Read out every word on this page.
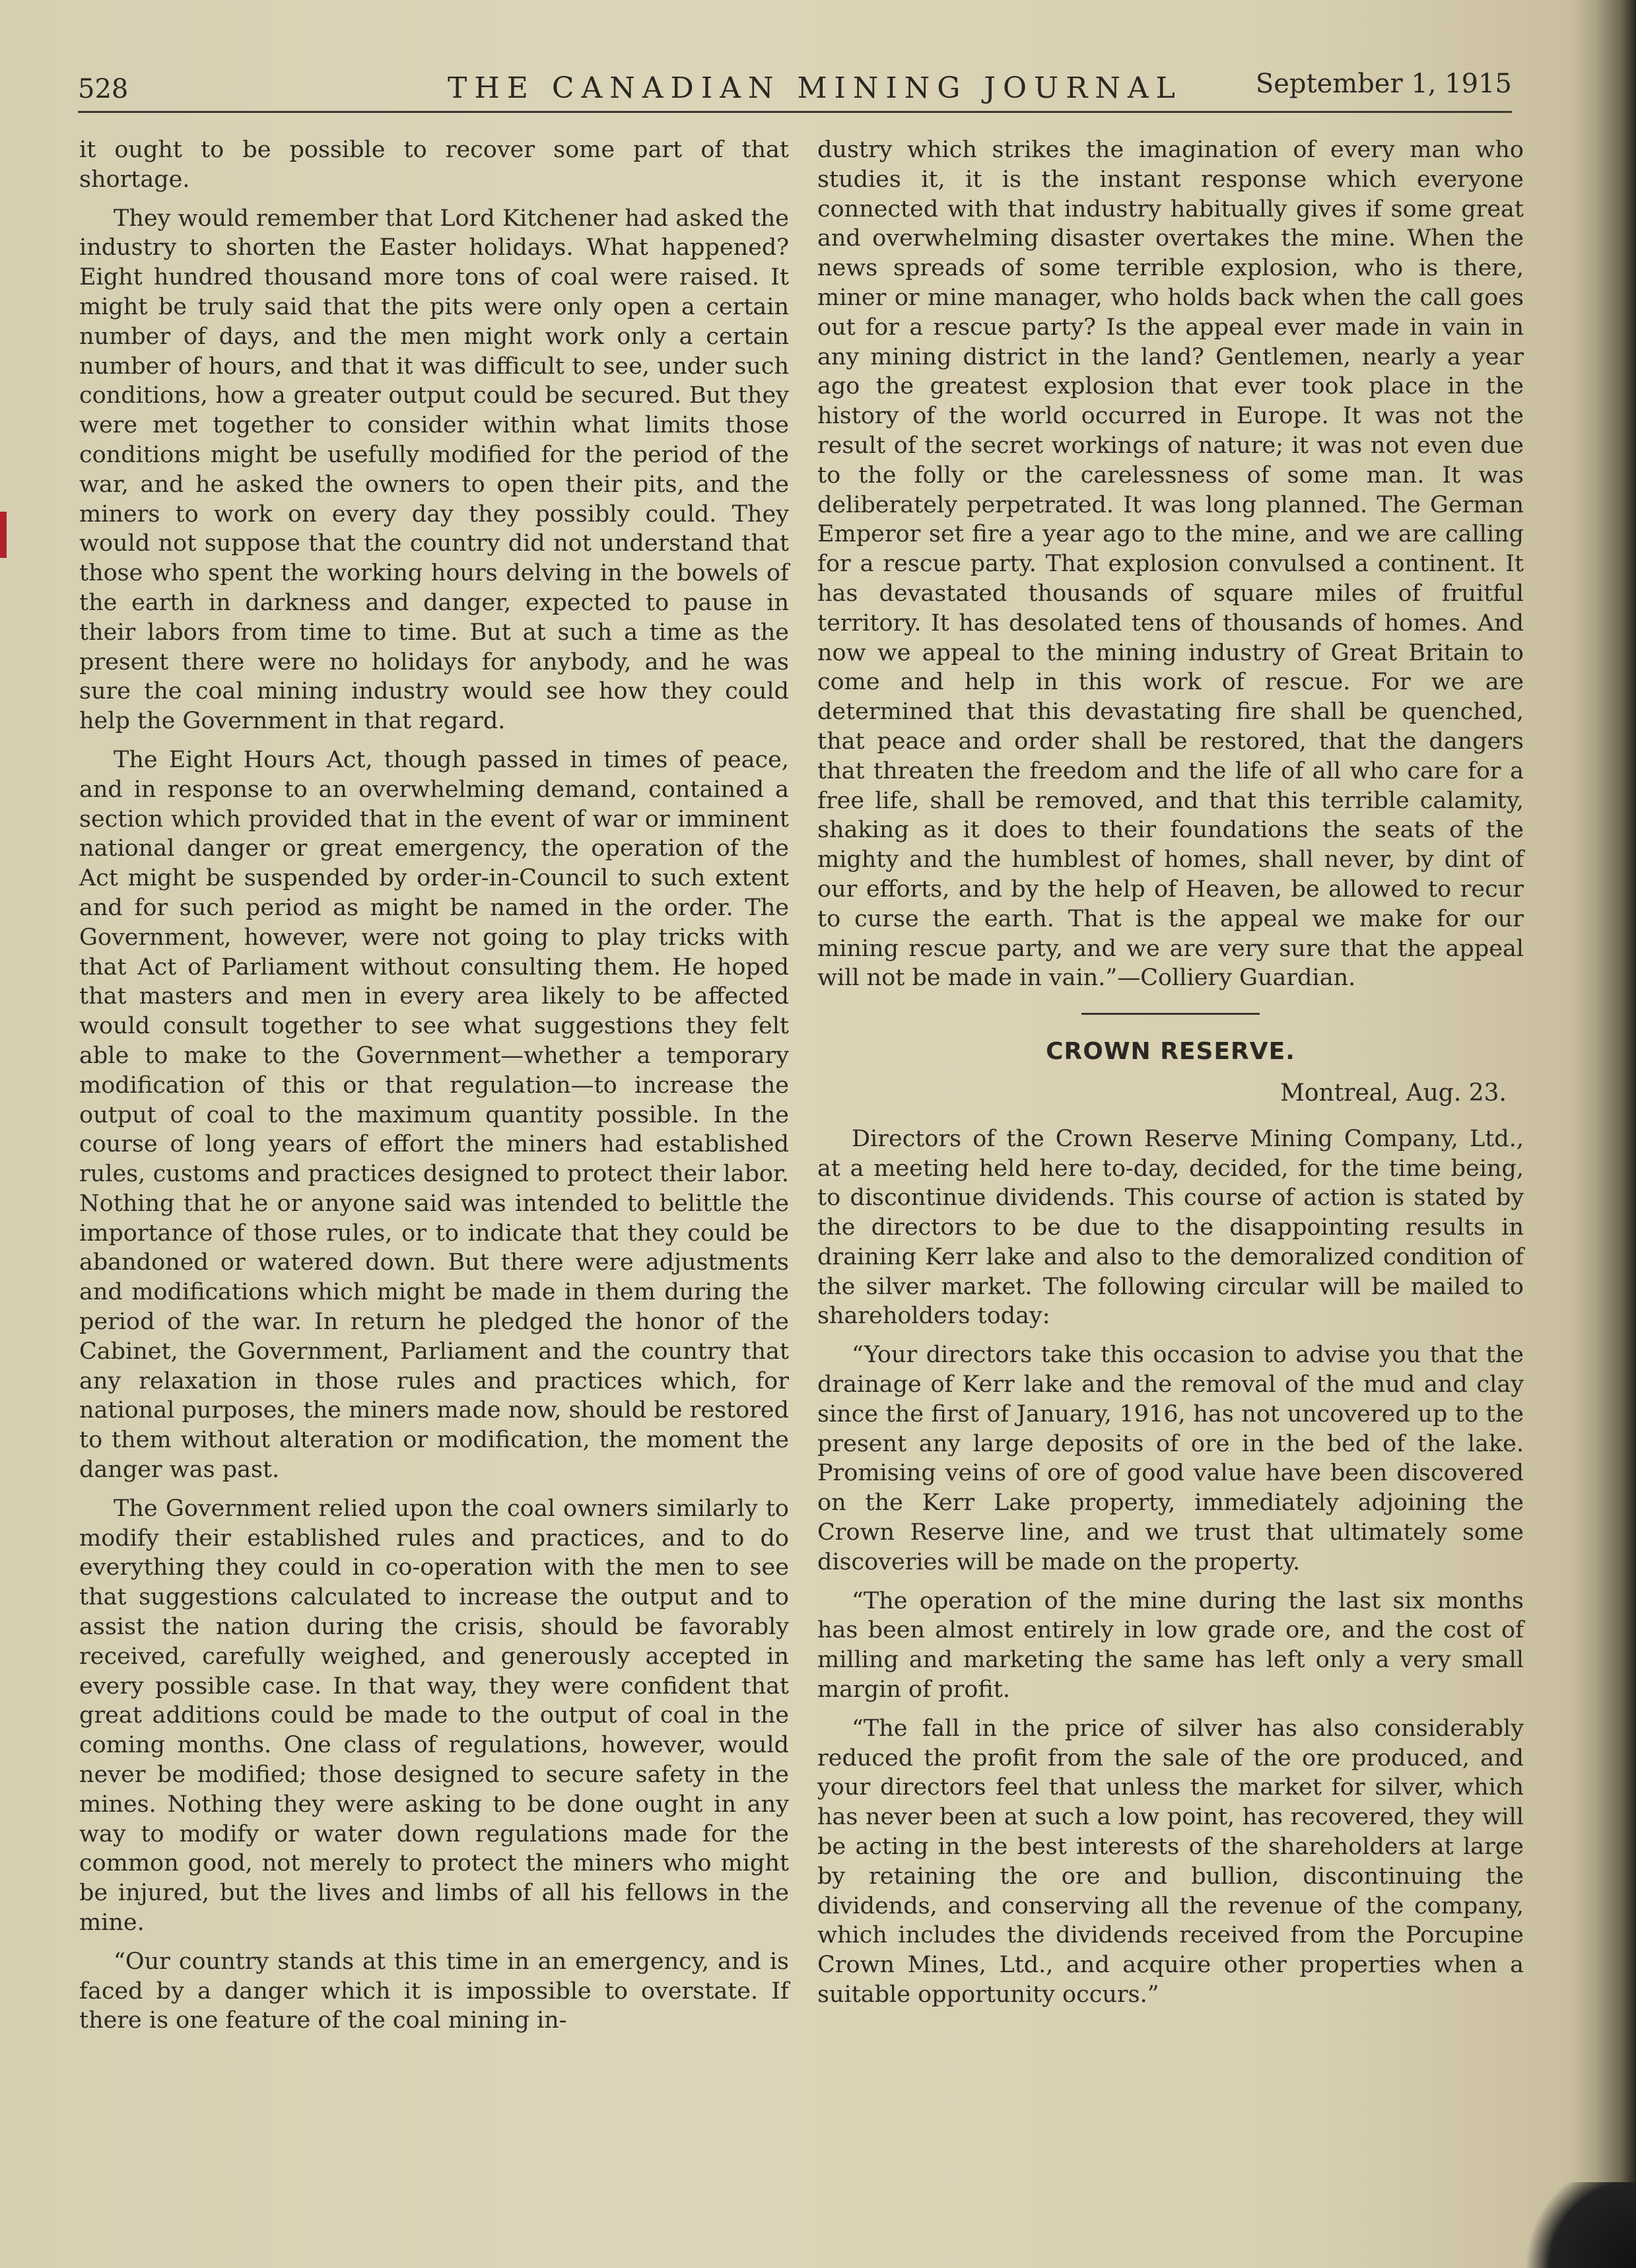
528	THE CANADIAN MINING JOURNAL	September 1, 1915

it ought to be possible to recover some part of that shortage.

They would remember that Lord Kitchener had asked the industry to shorten the Easter holidays. What happened? Eight hundred thousand more tons of coal were raised. It might be truly said that the pits were only open a certain number of days, and the men might work only a certain number of hours, and that it was difficult to see, under such conditions, how a greater output could be secured. But they were met together to consider within what limits those conditions might be usefully modified for the period of the war, and he asked the owners to open their pits, and the miners to work on every day they possibly could. They would not suppose that the country did not understand that those who spent the working hours delving in the bowels of the earth in darkness and danger, expected to pause in their labors from time to time. But at such a time as the present there were no holidays for anybody, and he was sure the coal mining industry would see how they could help the Government in that regard.

The Eight Hours Act, though passed in times of peace, and in response to an overwhelming demand, contained a section which provided that in the event of war or imminent national danger or great emergency, the operation of the Act might be suspended by order-in-Council to such extent and for such period as might be named in the order. The Government, however, were not going to play tricks with that Act of Parliament without consulting them. He hoped that masters and men in every area likely to be affected would consult together to see what suggestions they felt able to make to the Government—whether a temporary modification of this or that regulation—to increase the output of coal to the maximum quantity possible. In the course of long years of effort the miners had established rules, customs and practices designed to protect their labor. Nothing that he or anyone said was intended to belittle the importance of those rules, or to indicate that they could be abandoned or watered down. But there were adjustments and modifications which might be made in them during the period of the war. In return he pledged the honor of the Cabinet, the Government, Parliament and the country that any relaxation in those rules and practices which, for national purposes, the miners made now, should be restored to them without alteration or modification, the moment the danger was past.

The Government relied upon the coal owners similarly to modify their established rules and practices, and to do everything they could in co-operation with the men to see that suggestions calculated to increase the output and to assist the nation during the crisis, should be favorably received, carefully weighed, and generously accepted in every possible case. In that way, they were confident that great additions could be made to the output of coal in the coming months. One class of regulations, however, would never be modified; those designed to secure safety in the mines. Nothing they were asking to be done ought in any way to modify or water down regulations made for the common good, not merely to protect the miners who might be injured, but the lives and limbs of all his fellows in the mine.

“Our country stands at this time in an emergency, and is faced by a danger which it is impossible to overstate. If there is one feature of the coal mining in-

dustry which strikes the imagination of every man who studies it, it is the instant response which everyone connected with that industry habitually gives if some great and overwhelming disaster overtakes the mine. When the news spreads of some terrible explosion, who is there, miner or mine manager, who holds back when the call goes out for a rescue party? Is the appeal ever made in vain in any mining district in the land? Gentlemen, nearly a year ago the greatest explosion that ever took place in the history of the world occurred in Europe. It was not the result of the secret workings of nature; it was not even due to the folly or the carelessness of some man. It was deliberately perpetrated. It was long planned. The German Emperor set fire a year ago to the mine, and we are calling for a rescue party. That explosion convulsed a continent. It has devastated thousands of square miles of fruitful territory. It has desolated tens of thousands of homes. And now we appeal to the mining industry of Great Britain to come and help in this work of rescue. For we are determined that this devastating fire shall be quenched, that peace and order shall be restored, that the dangers that threaten the freedom and the life of all who care for a free life, shall be removed, and that this terrible calamity, shaking as it does to their foundations the seats of the mighty and the humblest of homes, shall never, by dint of our efforts, and by the help of Heaven, be allowed to recur to curse the earth. That is the appeal we make for our mining rescue party, and we are very sure that the appeal will not be made in vain.”—Colliery Guardian.

CROWN RESERVE.
Montreal, Aug. 23.

Directors of the Crown Reserve Mining Company, Ltd., at a meeting held here to-day, decided, for the time being, to discontinue dividends. This course of action is stated by the directors to be due to the disappointing results in draining Kerr lake and also to the demoralized condition of the silver market. The following circular will be mailed to shareholders today:

“Your directors take this occasion to advise you that the drainage of Kerr lake and the removal of the mud and clay since the first of January, 1916, has not uncovered up to the present any large deposits of ore in the bed of the lake. Promising veins of ore of good value have been discovered on the Kerr Lake property, immediately adjoining the Crown Reserve line, and we trust that ultimately some discoveries will be made on the property.

“The operation of the mine during the last six months has been almost entirely in low grade ore, and the cost of milling and marketing the same has left only a very small margin of profit.

“The fall in the price of silver has also considerably reduced the profit from the sale of the ore produced, and your directors feel that unless the market for silver, which has never been at such a low point, has recovered, they will be acting in the best interests of the shareholders at large by retaining the ore and bullion, discontinuing the dividends, and conserving all the revenue of the company, which includes the dividends received from the Porcupine Crown Mines, Ltd., and acquire other properties when a suitable opportunity occurs.”
